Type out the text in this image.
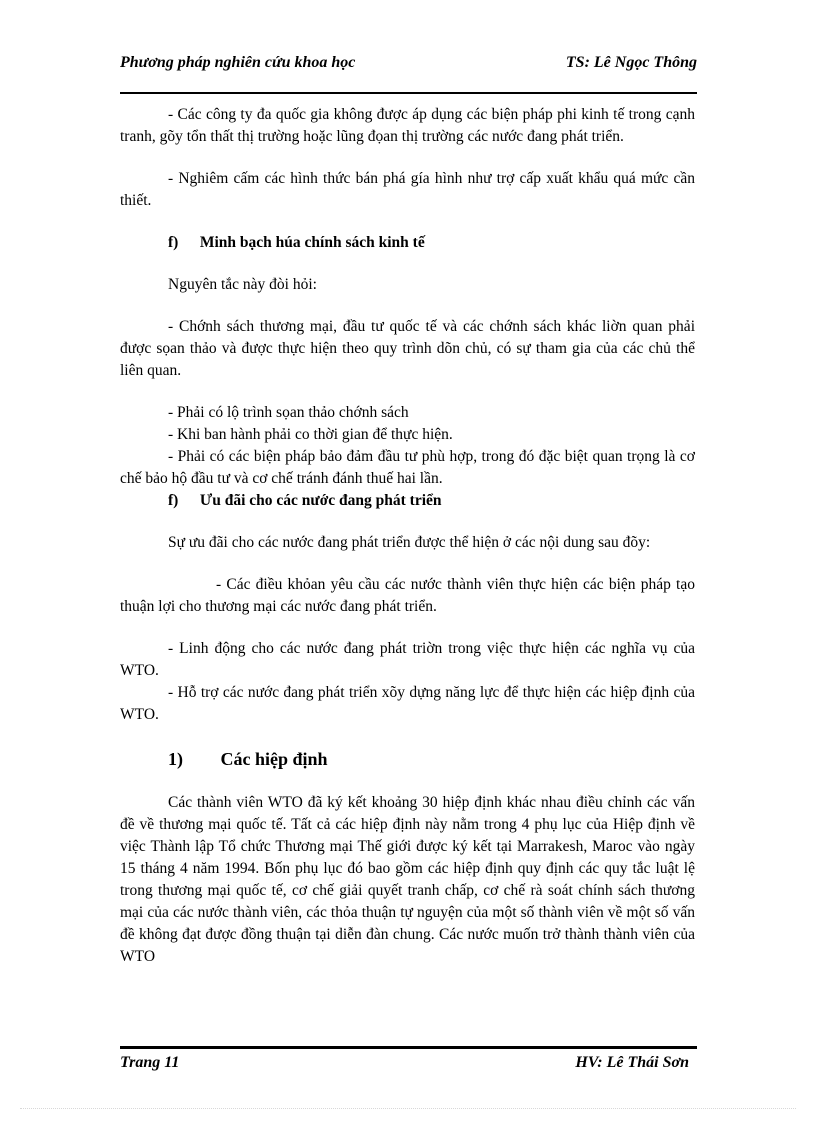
Phương pháp nghiên cứu khoa học	TS: Lê Ngọc Thông

- Các công ty đa quốc gia không được áp dụng các biện pháp phi kinh tế trong cạnh tranh, gõy tổn thất thị trường hoặc lũng đọan thị trường các nước đang phát triển.

- Nghiêm cấm các hình thức bán phá gía hình như trợ cấp xuất khẩu quá mức cần thiết.

f) Minh bạch húa chính sách kinh tế

Nguyên tắc này đòi hỏi:

- Chớnh sách thương mại, đầu tư quốc tế và các chớnh sách khác liờn quan phải được sọan thảo và được thực hiện theo quy trình dõn chủ, có sự tham gia của các chủ thể liên quan.

- Phải có lộ trình sọan thảo chớnh sách

- Khi ban hành phải co thời gian để thực hiện.

- Phải có các biện pháp bảo đảm đầu tư phù hợp, trong đó đặc biệt quan trọng là cơ chế bảo hộ đầu tư và cơ chế tránh đánh thuế hai lần.

f) Ưu đãi cho các nước đang phát triển

Sự ưu đãi cho các nước đang phát triển được thể hiện ở các nội dung sau đõy:

- Các điều khỏan yêu cầu các nước thành viên thực hiện các biện pháp tạo thuận lợi cho thương mại các nước đang phát triển.

- Linh động cho các nước đang phát triờn trong việc thực hiện các nghĩa vụ của WTO.

- Hỗ trợ các nước đang phát triển xõy dựng năng lực để thực hiện các hiệp định của WTO.

1) Các hiệp định

Các thành viên WTO đã ký kết khoảng 30 hiệp định khác nhau điều chỉnh các vấn đề về thương mại quốc tế. Tất cả các hiệp định này nằm trong 4 phụ lục của Hiệp định về việc Thành lập Tổ chức Thương mại Thế giới được ký kết tại Marrakesh, Maroc vào ngày 15 tháng 4 năm 1994. Bốn phụ lục đó bao gồm các hiệp định quy định các quy tắc luật lệ trong thương mại quốc tế, cơ chế giải quyết tranh chấp, cơ chế rà soát chính sách thương mại của các nước thành viên, các thỏa thuận tự nguyện của một số thành viên về một số vấn đề không đạt được đồng thuận tại diễn đàn chung. Các nước muốn trở thành thành viên của WTO

Trang 11	HV: Lê Thái Sơn
